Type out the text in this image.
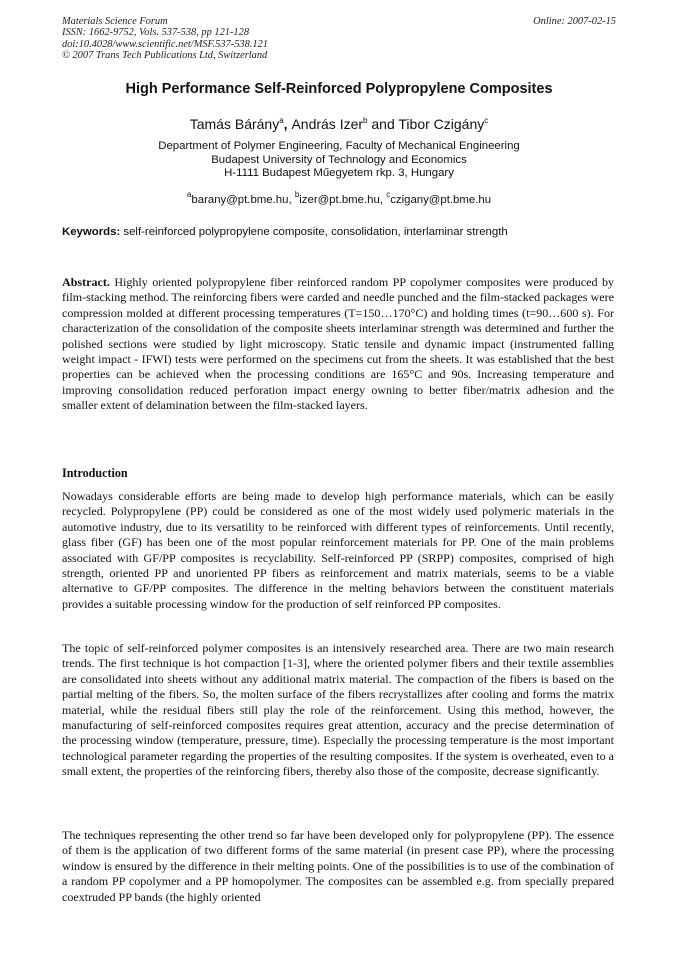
Materials Science Forum
ISSN: 1662-9752, Vols. 537-538, pp 121-128
doi:10.4028/www.scientific.net/MSF.537-538.121
© 2007 Trans Tech Publications Ltd, Switzerland
Online: 2007-02-15
High Performance Self-Reinforced Polypropylene Composites
Tamás Bárány$^a$, András Izer$^b$ and Tibor Czigány$^c$
Department of Polymer Engineering, Faculty of Mechanical Engineering
Budapest University of Technology and Economics
H-1111 Budapest Műegyetem rkp. 3, Hungary
$^a$barany@pt.bme.hu, $^b$izer@pt.bme.hu, $^c$czigany@pt.bme.hu
Keywords: self-reinforced polypropylene composite, consolidation, interlaminar strength

Abstract. Highly oriented polypropylene fiber reinforced random PP copolymer composites were produced by film-stacking method. The reinforcing fibers were carded and needle punched and the film-stacked packages were compression molded at different processing temperatures (T=150…170°C) and holding times (t=90…600 s). For characterization of the consolidation of the composite sheets interlaminar strength was determined and further the polished sections were studied by light microscopy. Static tensile and dynamic impact (instrumented falling weight impact - IFWI) tests were performed on the specimens cut from the sheets. It was established that the best properties can be achieved when the processing conditions are 165°C and 90s. Increasing temperature and improving consolidation reduced perforation impact energy owning to better fiber/matrix adhesion and the smaller extent of delamination between the film-stacked layers.

Introduction

Nowadays considerable efforts are being made to develop high performance materials, which can be easily recycled. Polypropylene (PP) could be considered as one of the most widely used polymeric materials in the automotive industry, due to its versatility to be reinforced with different types of reinforcements. Until recently, glass fiber (GF) has been one of the most popular reinforcement materials for PP. One of the main problems associated with GF/PP composites is recyclability. Self-reinforced PP (SRPP) composites, comprised of high strength, oriented PP and unoriented PP fibers as reinforcement and matrix materials, seems to be a viable alternative to GF/PP composites. The difference in the melting behaviors between the constituent materials provides a suitable processing window for the production of self reinforced PP composites.

The topic of self-reinforced polymer composites is an intensively researched area. There are two main research trends. The first technique is hot compaction [1-3], where the oriented polymer fibers and their textile assemblies are consolidated into sheets without any additional matrix material. The compaction of the fibers is based on the partial melting of the fibers. So, the molten surface of the fibers recrystallizes after cooling and forms the matrix material, while the residual fibers still play the role of the reinforcement. Using this method, however, the manufacturing of self-reinforced composites requires great attention, accuracy and the precise determination of the processing window (temperature, pressure, time). Especially the processing temperature is the most important technological parameter regarding the properties of the resulting composites. If the system is overheated, even to a small extent, the properties of the reinforcing fibers, thereby also those of the composite, decrease significantly.

The techniques representing the other trend so far have been developed only for polypropylene (PP). The essence of them is the application of two different forms of the same material (in present case PP), where the processing window is ensured by the difference in their melting points. One of the possibilities is to use of the combination of a random PP copolymer and a PP homopolymer. The composites can be assembled e.g. from specially prepared coextruded PP bands (the highly oriented
